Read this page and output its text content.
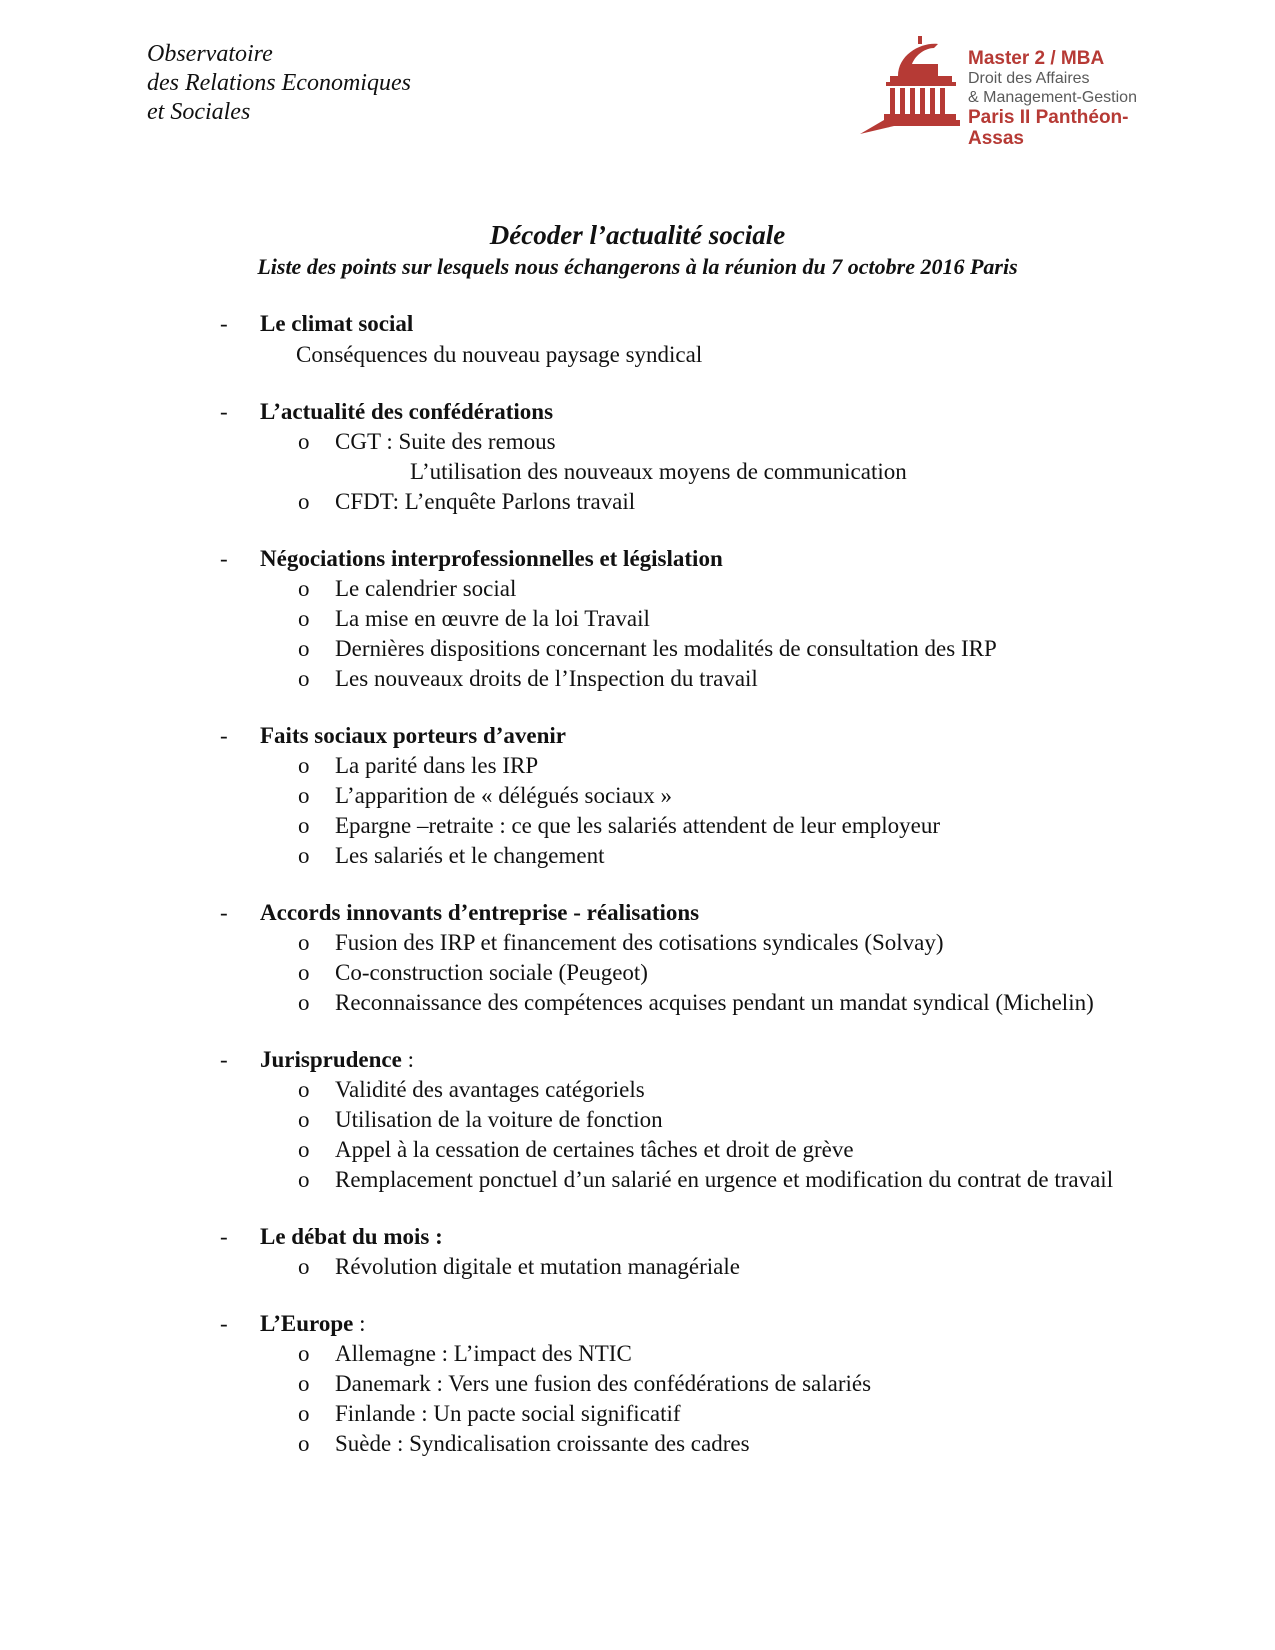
Observatoire
des Relations Economiques
et Sociales
Master 2 / MBA
Droit des Affaires
& Management-Gestion
Paris II Panthéon-Assas
Décoder l’actualité sociale
Liste des points sur lesquels nous échangerons à la réunion du 7 octobre 2016 Paris
- Le climat social
Conséquences du nouveau paysage syndical
- L’actualité des confédérations
o CGT : Suite des remous
L’utilisation des nouveaux moyens de communication
o CFDT: L’enquête Parlons travail
- Négociations interprofessionnelles et législation
o Le calendrier social
o La mise en œuvre de la loi Travail
o Dernières dispositions concernant les modalités de consultation des IRP
o Les nouveaux droits de l’Inspection du travail
- Faits sociaux porteurs d’avenir
o La parité dans les IRP
o L’apparition de « délégués sociaux »
o Epargne –retraite : ce que les salariés attendent de leur employeur
o Les salariés et le changement
- Accords innovants d’entreprise - réalisations
o Fusion des IRP et financement des cotisations syndicales (Solvay)
o Co-construction sociale (Peugeot)
o Reconnaissance des compétences acquises pendant un mandat syndical (Michelin)
- Jurisprudence :
o Validité des avantages catégoriels
o Utilisation de la voiture de fonction
o Appel à la cessation de certaines tâches et droit de grève
o Remplacement ponctuel d’un salarié en urgence et modification du contrat de travail
- Le débat du mois :
o Révolution digitale et mutation managériale
- L’Europe :
o Allemagne : L’impact des NTIC
o Danemark : Vers une fusion des confédérations de salariés
o Finlande : Un pacte social significatif
o Suède : Syndicalisation croissante des cadres
